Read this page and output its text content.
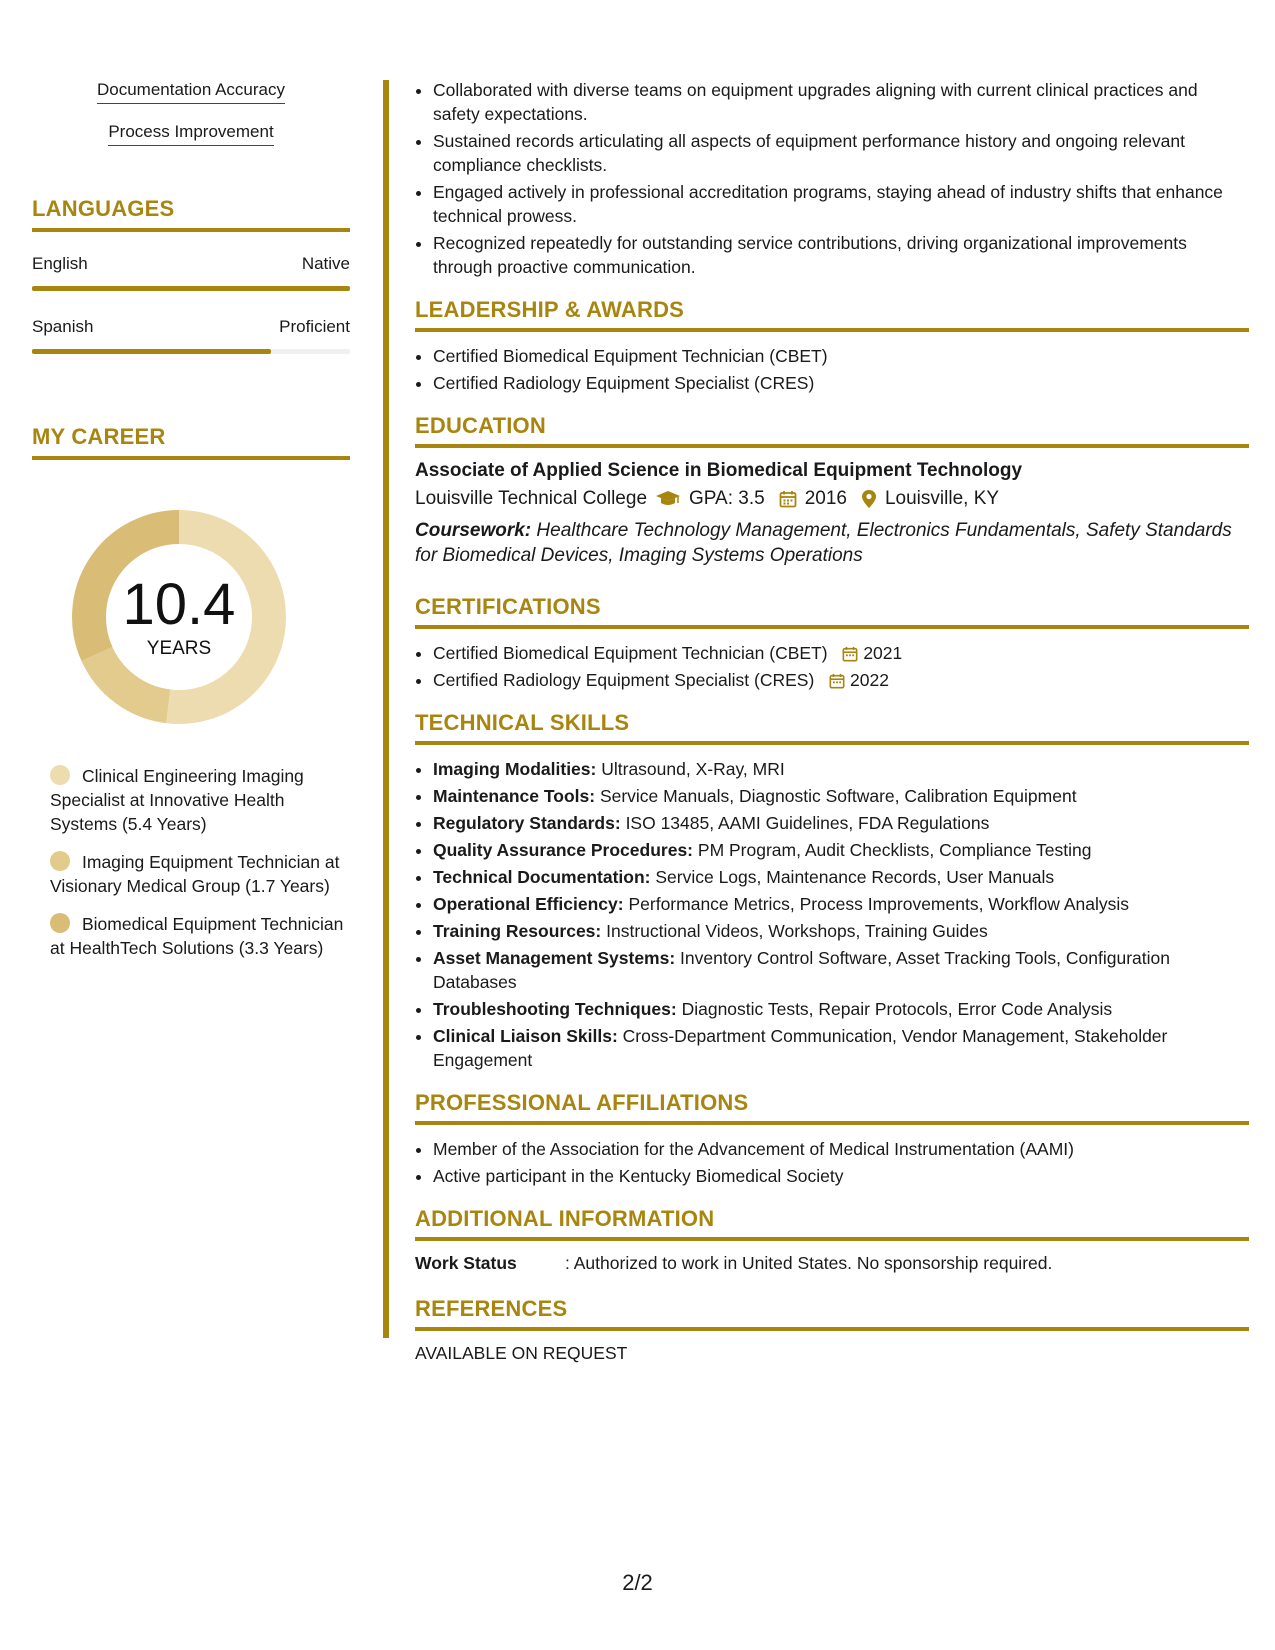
Documentation Accuracy
Process Improvement
LANGUAGES
English	Native
Spanish	Proficient
MY CAREER
10.4
YEARS
Clinical Engineering Imaging Specialist at Innovative Health Systems (5.4 Years)
Imaging Equipment Technician at Visionary Medical Group (1.7 Years)
Biomedical Equipment Technician at HealthTech Solutions (3.3 Years)
• Collaborated with diverse teams on equipment upgrades aligning with current clinical practices and safety expectations.
• Sustained records articulating all aspects of equipment performance history and ongoing relevant compliance checklists.
• Engaged actively in professional accreditation programs, staying ahead of industry shifts that enhance technical prowess.
• Recognized repeatedly for outstanding service contributions, driving organizational improvements through proactive communication.
LEADERSHIP & AWARDS
• Certified Biomedical Equipment Technician (CBET)
• Certified Radiology Equipment Specialist (CRES)
EDUCATION
Associate of Applied Science in Biomedical Equipment Technology
Louisville Technical College GPA: 3.5 2016 Louisville, KY
Coursework: Healthcare Technology Management, Electronics Fundamentals, Safety Standards for Biomedical Devices, Imaging Systems Operations
CERTIFICATIONS
• Certified Biomedical Equipment Technician (CBET) 2021
• Certified Radiology Equipment Specialist (CRES) 2022
TECHNICAL SKILLS
• Imaging Modalities: Ultrasound, X-Ray, MRI
• Maintenance Tools: Service Manuals, Diagnostic Software, Calibration Equipment
• Regulatory Standards: ISO 13485, AAMI Guidelines, FDA Regulations
• Quality Assurance Procedures: PM Program, Audit Checklists, Compliance Testing
• Technical Documentation: Service Logs, Maintenance Records, User Manuals
• Operational Efficiency: Performance Metrics, Process Improvements, Workflow Analysis
• Training Resources: Instructional Videos, Workshops, Training Guides
• Asset Management Systems: Inventory Control Software, Asset Tracking Tools, Configuration Databases
• Troubleshooting Techniques: Diagnostic Tests, Repair Protocols, Error Code Analysis
• Clinical Liaison Skills: Cross-Department Communication, Vendor Management, Stakeholder Engagement
PROFESSIONAL AFFILIATIONS
• Member of the Association for the Advancement of Medical Instrumentation (AAMI)
• Active participant in the Kentucky Biomedical Society
ADDITIONAL INFORMATION
Work Status	: Authorized to work in United States. No sponsorship required.
REFERENCES
AVAILABLE ON REQUEST
2/2
